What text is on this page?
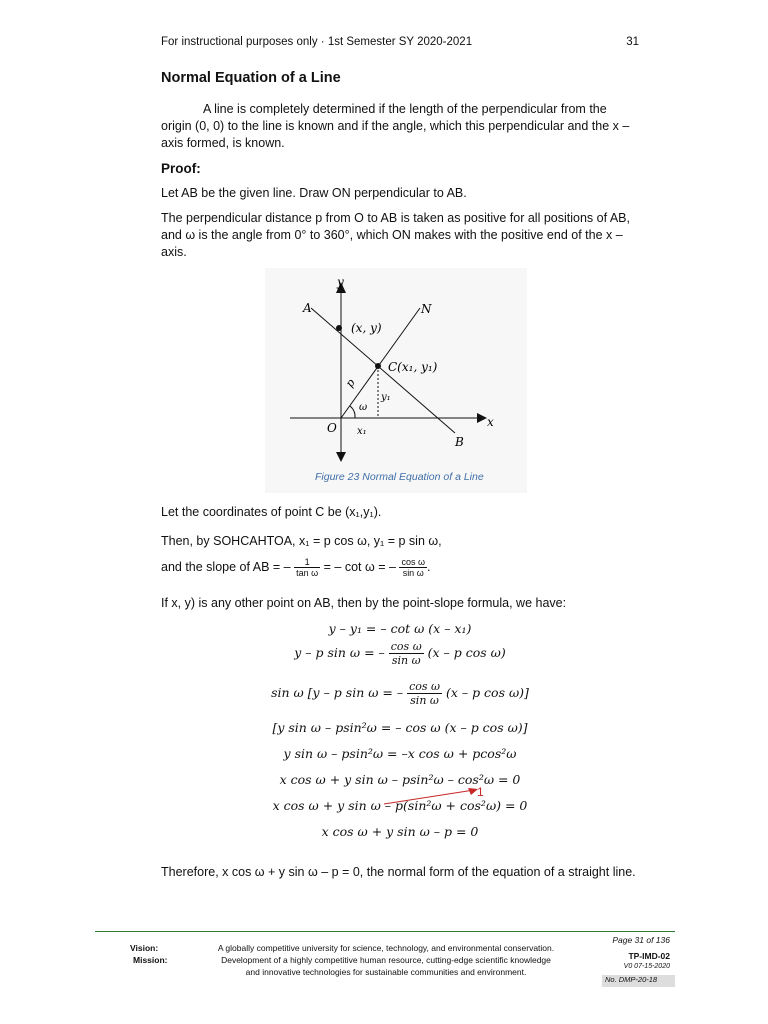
For instructional purposes only · 1st Semester SY 2020-2021	31
Normal Equation of a Line
A line is completely determined if the length of the perpendicular from the origin (0, 0) to the line is known and if the angle, which this perpendicular and the x –axis formed, is known.
Proof:
Let AB be the given line. Draw ON perpendicular to AB.
The perpendicular distance p from O to AB is taken as positive for all positions of AB, and ω is the angle from 0° to 360°, which ON makes with the positive end of the x –axis.
y
A	N
(x, y)
C(x₁, y₁)
p
ω
y₁
O x₁
B
x
Figure 23 Normal Equation of a Line
Let the coordinates of point C be (x₁,y₁).
Then, by SOHCAHTOA, x₁ = p cos ω, y₁ = p sin ω,
and the slope of AB = – $\frac{1}{\text{tan ω}}$ = – cot ω = – $\frac{\text{cos ω}}{\text{sin ω}}$ .
If x, y) is any other point on AB, then by the point-slope formula, we have:
y – y₁ = – cot ω (x – x₁)
y – p sin ω = – $\frac{\text{cos ω}}{\text{sin ω}} (x$ – p cos ω)
sin ω [y – p sin ω = – $\frac{\text{cos ω}}{\text{sin ω}} (x$ – p cos ω)]
[y sin ω – psin²ω = – cos ω (x – p cos ω)]
y sin ω – psin²ω = –x cos ω + pcos²ω
x cos ω + y sin ω – psin²ω – cos²ω = 0
x cos ω + y sin ω – p(sin²ω + cos²ω) = 0
x cos ω + y sin ω – p = 0
1
Therefore, x cos ω + y sin ω – p = 0, the normal form of the equation of a straight line.
Vision:
Mission:
A globally competitive university for science, technology, and environmental conservation.
Development of a highly competitive human resource, cutting-edge scientific knowledge
and innovative technologies for sustainable communities and environment.
Page 31 of 136
TP-IMD-02
V0 07-15-2020
No. DMP-20-18
